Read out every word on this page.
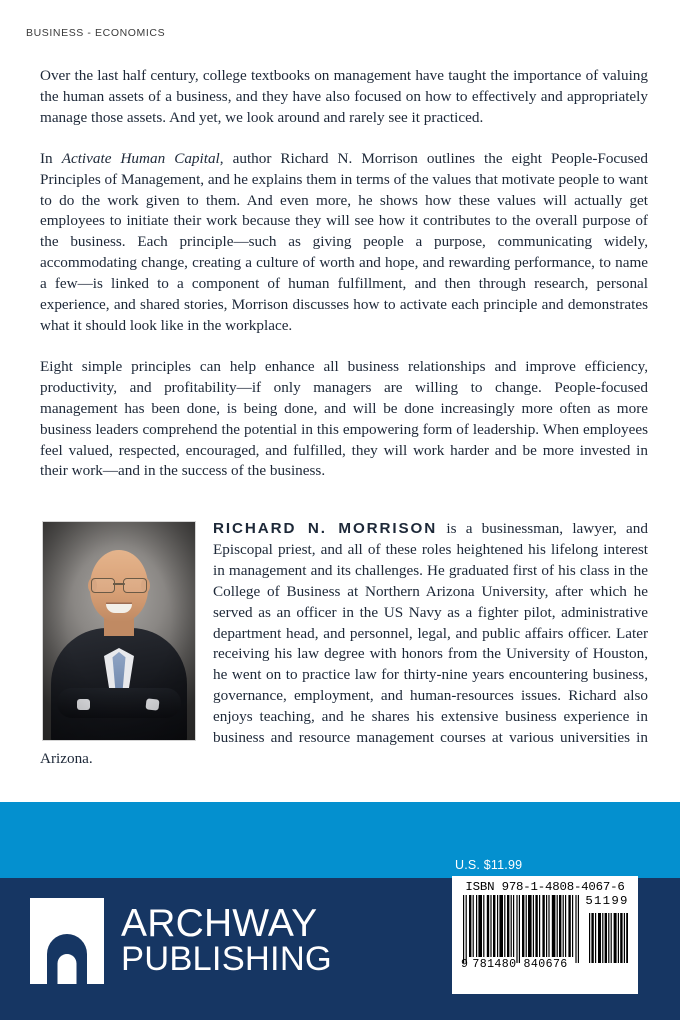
BUSINESS - ECONOMICS

Over the last half century, college textbooks on management have taught the importance of valuing the human assets of a business, and they have also focused on how to effectively and appropriately manage those assets. And yet, we look around and rarely see it practiced.

In Activate Human Capital, author Richard N. Morrison outlines the eight People-Focused Principles of Management, and he explains them in terms of the values that motivate people to want to do the work given to them. And even more, he shows how these values will actually get employees to initiate their work because they will see how it contributes to the overall purpose of the business. Each principle—such as giving people a purpose, communicating widely, accommodating change, creating a culture of worth and hope, and rewarding performance, to name a few—is linked to a component of human fulfillment, and then through research, personal experience, and shared stories, Morrison discusses how to activate each principle and demonstrates what it should look like in the workplace.

Eight simple principles can help enhance all business relationships and improve efficiency, productivity, and profitability—if only managers are willing to change. People-focused management has been done, is being done, and will be done increasingly more often as more business leaders comprehend the potential in this empowering form of leadership. When employees feel valued, respected, encouraged, and fulfilled, they will work harder and be more invested in their work—and in the success of the business.

RICHARD N. MORRISON is a businessman, lawyer, and Episcopal priest, and all of these roles heightened his lifelong interest in management and its challenges. He graduated first of his class in the College of Business at Northern Arizona University, after which he served as an officer in the US Navy as a fighter pilot, administrative department head, and personnel, legal, and public affairs officer. Later receiving his law degree with honors from the University of Houston, he went on to practice law for thirty-nine years encountering business, governance, employment, and human-resources issues. Richard also enjoys teaching, and he shares his extensive business experience in business and resource management courses at various universities in Arizona.

ARCHWAY
PUBLISHING
U.S. $11.99
ISBN 978-1-4808-4067-6
51199
9 781480 840676
